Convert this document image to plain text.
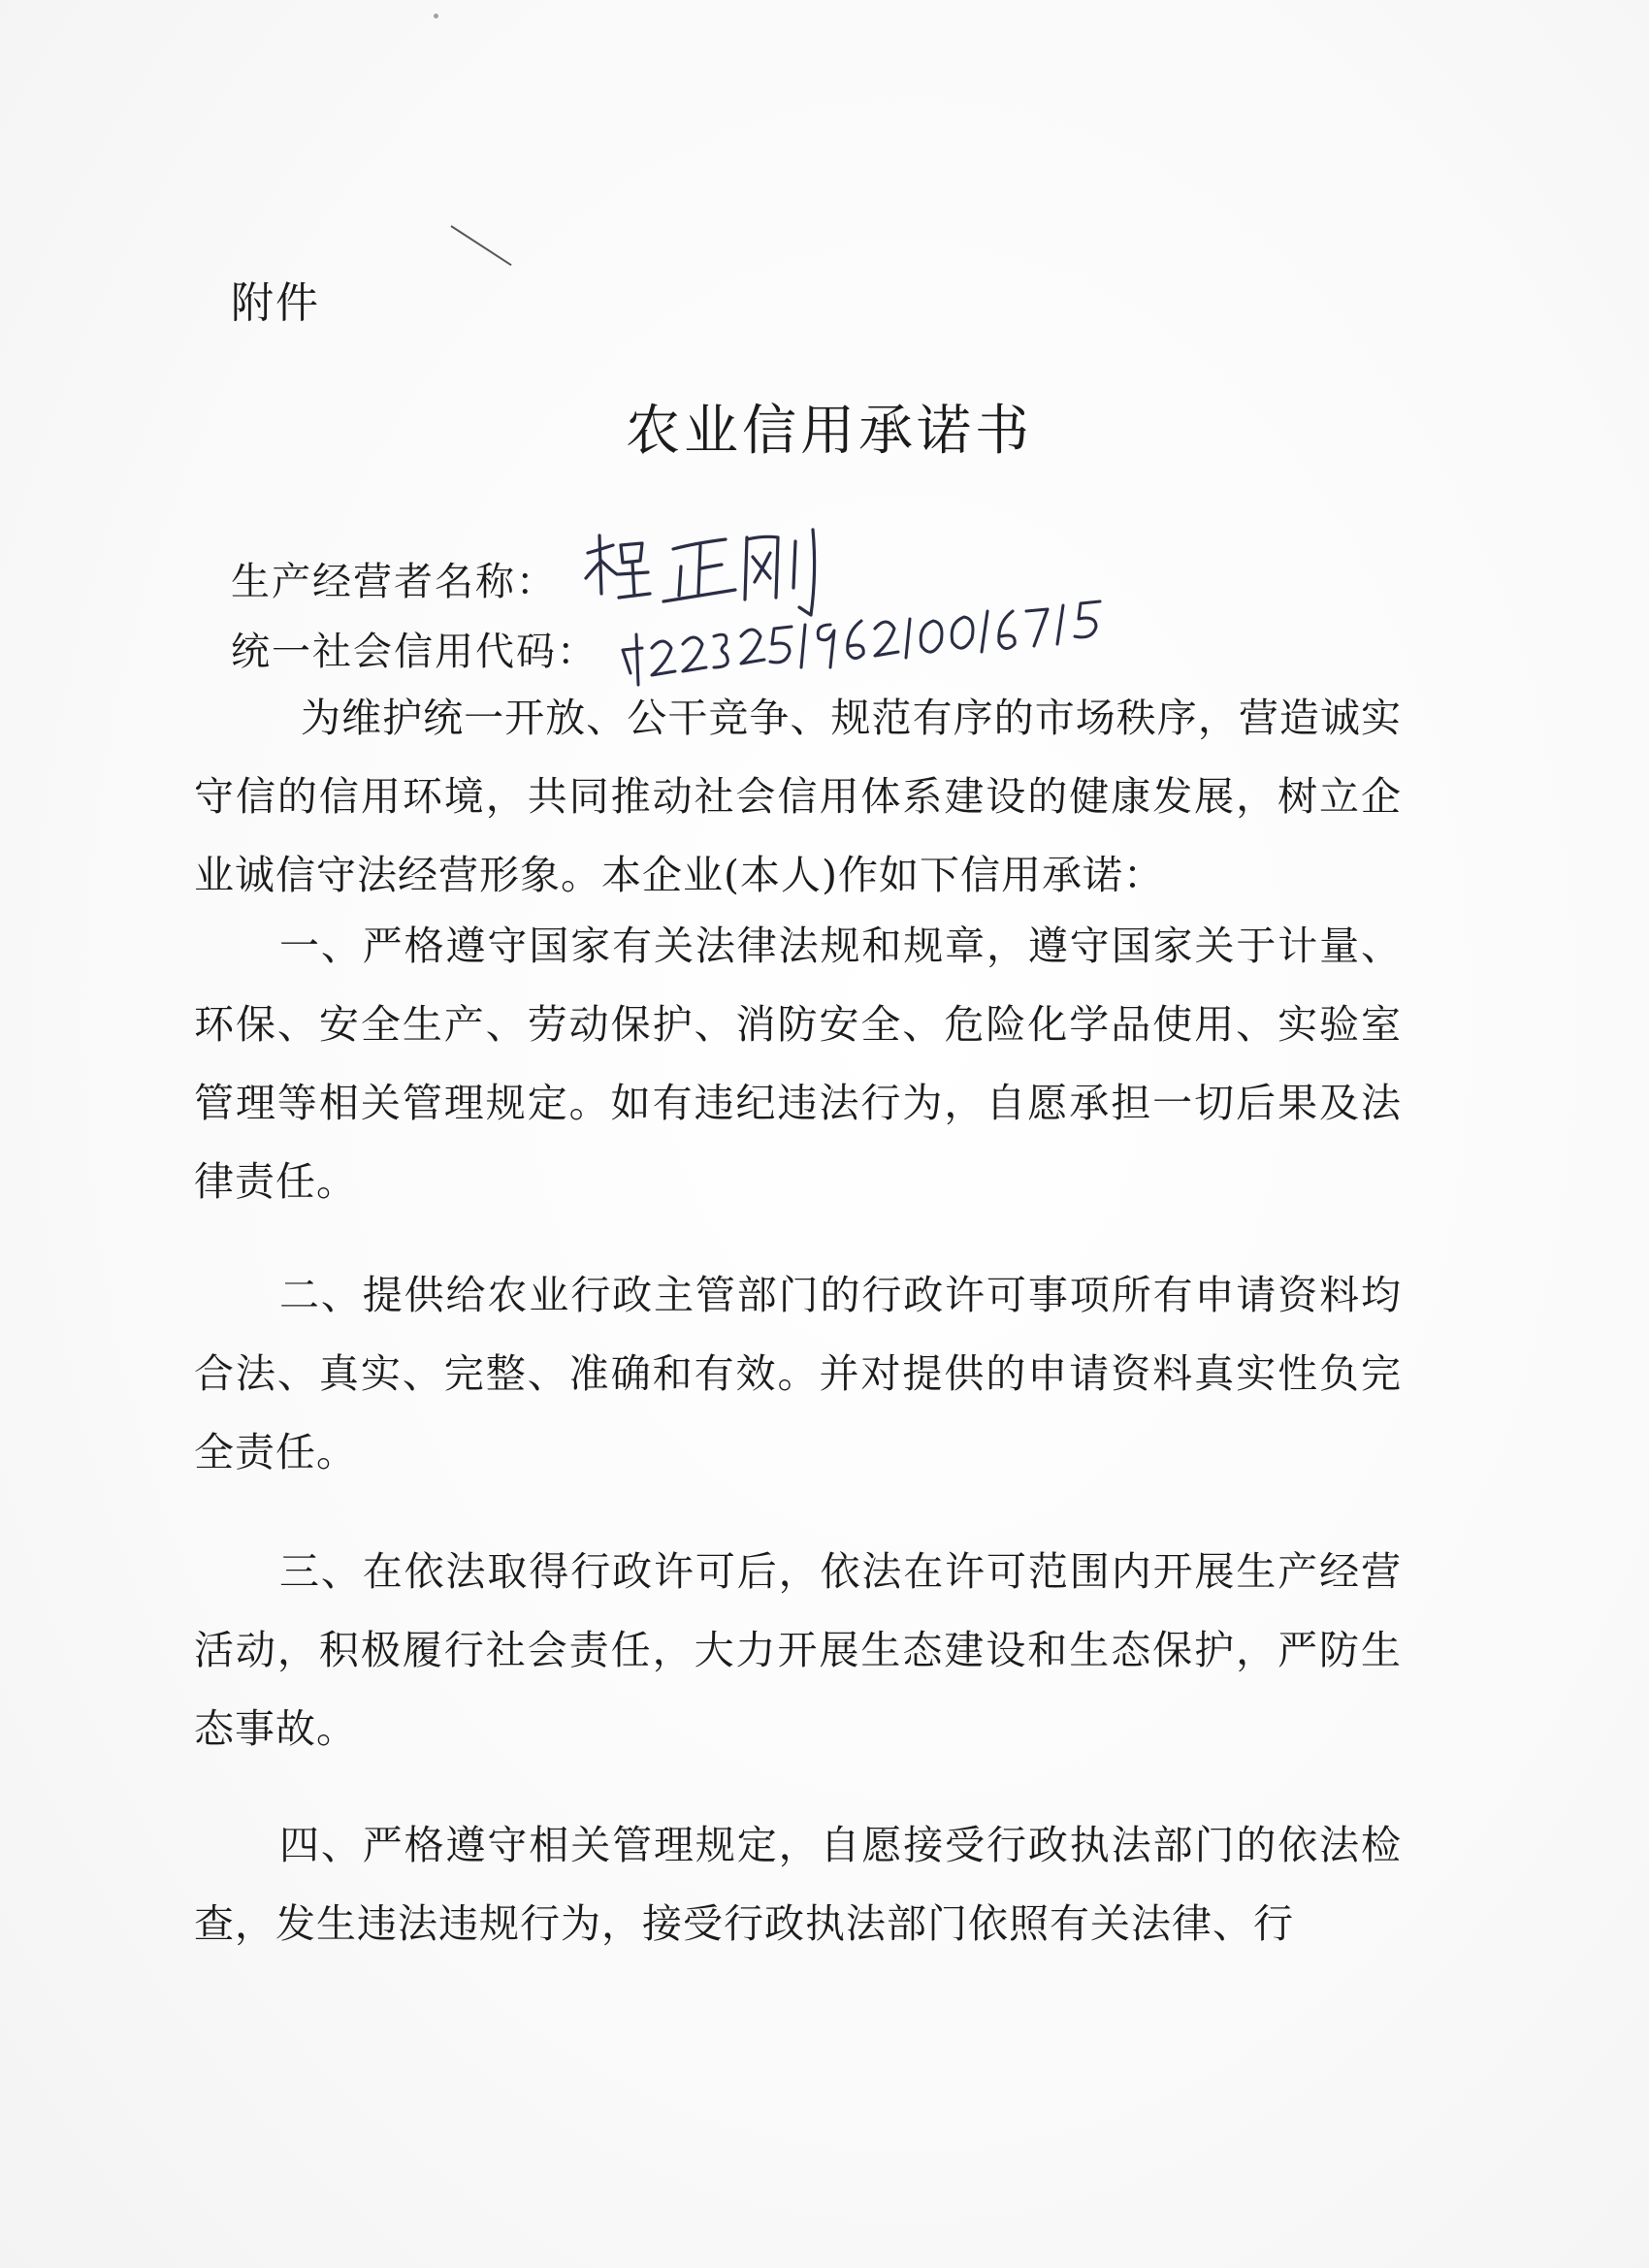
附件
农业信用承诺书
生产经营者名称：
统一社会信用代码：
为维护统一开放、公干竞争、规范有序的市场秩序，营造诚实守信的信用环境，共同推动社会信用体系建设的健康发展，树立企业诚信守法经营形象。本企业(本人)作如下信用承诺：
一、严格遵守国家有关法律法规和规章，遵守国家关于计量、环保、安全生产、劳动保护、消防安全、危险化学品使用、实验室管理等相关管理规定。如有违纪违法行为，自愿承担一切后果及法律责任。
二、提供给农业行政主管部门的行政许可事项所有申请资料均合法、真实、完整、准确和有效。并对提供的申请资料真实性负完全责任。
三、在依法取得行政许可后，依法在许可范围内开展生产经营活动，积极履行社会责任，大力开展生态建设和生态保护，严防生态事故。
四、严格遵守相关管理规定，自愿接受行政执法部门的依法检查，发生违法违规行为，接受行政执法部门依照有关法律、行
